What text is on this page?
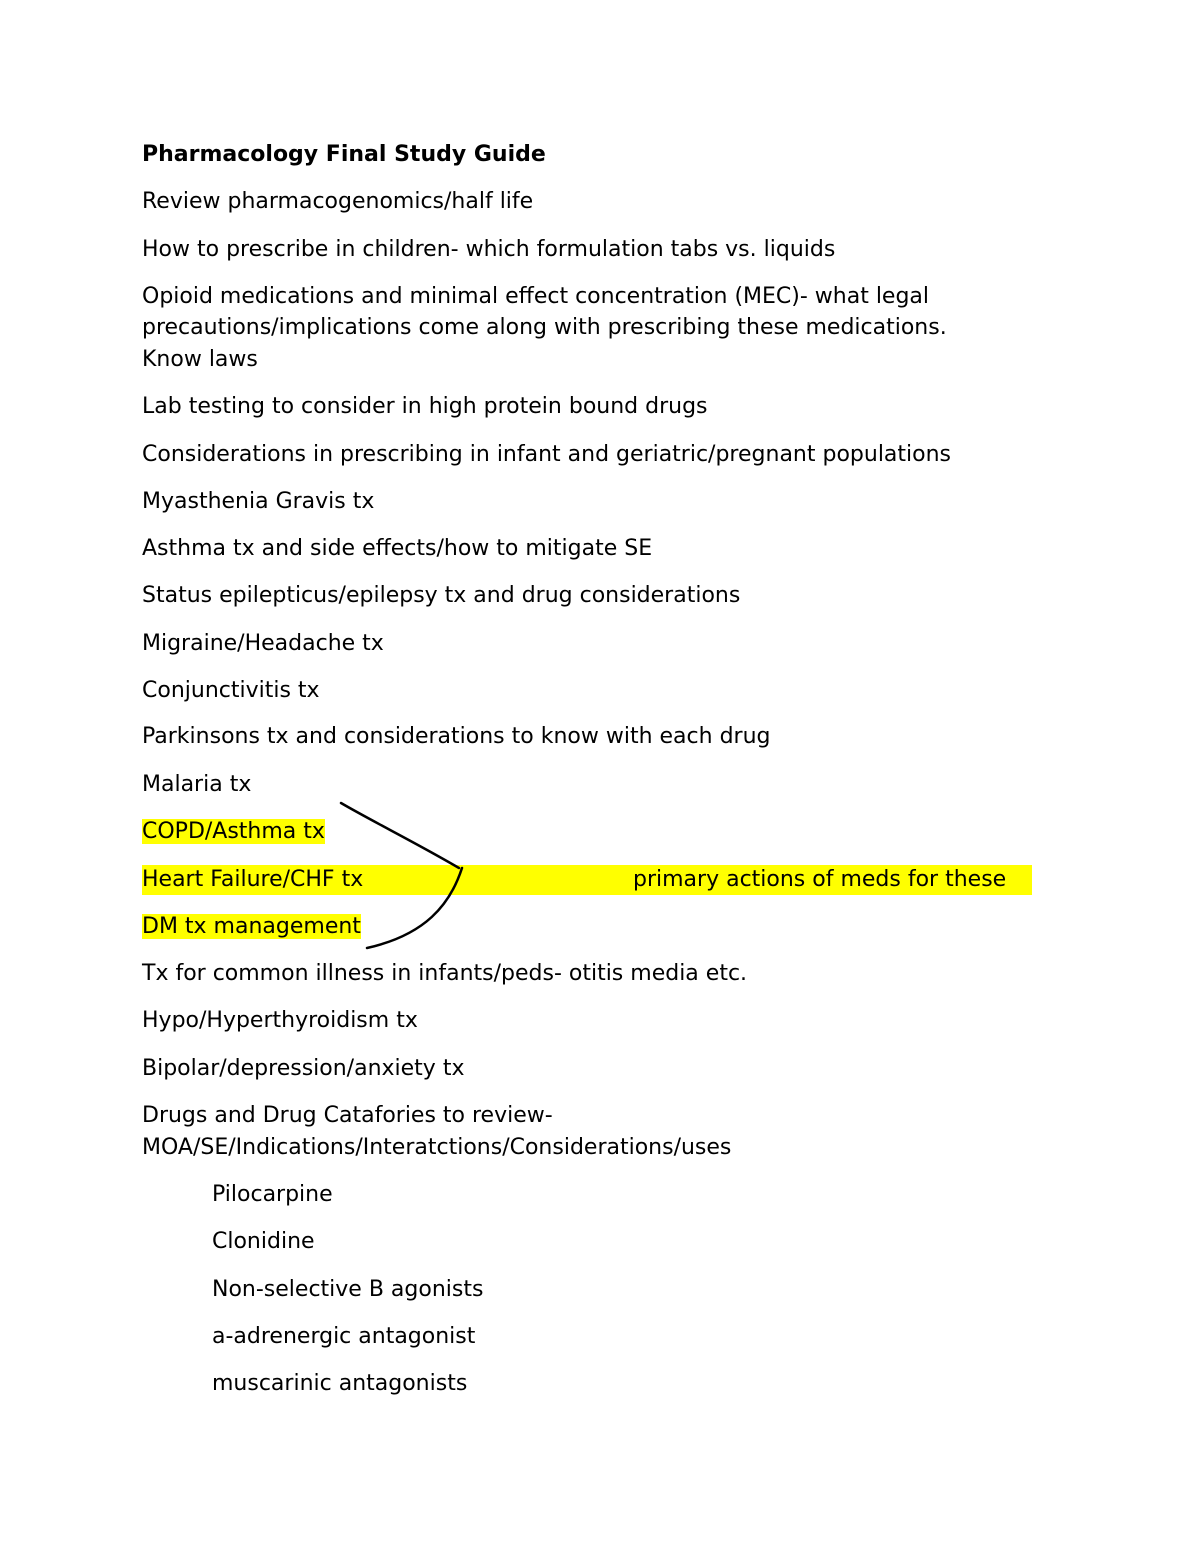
Pharmacology Final Study Guide
Review pharmacogenomics/half life
How to prescribe in children- which formulation tabs vs. liquids
Opioid medications and minimal effect concentration (MEC)- what legal
precautions/implications come along with prescribing these medications.
Know laws
Lab testing to consider in high protein bound drugs
Considerations in prescribing in infant and geriatric/pregnant populations
Myasthenia Gravis tx
Asthma tx and side effects/how to mitigate SE
Status epilepticus/epilepsy tx and drug considerations
Migraine/Headache tx
Conjunctivitis tx
Parkinsons tx and considerations to know with each drug
Malaria tx
COPD/Asthma tx
Heart Failure/CHF tx	primary actions of meds for these
DM tx management
Tx for common illness in infants/peds- otitis media etc.
Hypo/Hyperthyroidism tx
Bipolar/depression/anxiety tx
Drugs and Drug Catafories to review-
MOA/SE/Indications/Interatctions/Considerations/uses
Pilocarpine
Clonidine
Non-selective B agonists
a-adrenergic antagonist
muscarinic antagonists
